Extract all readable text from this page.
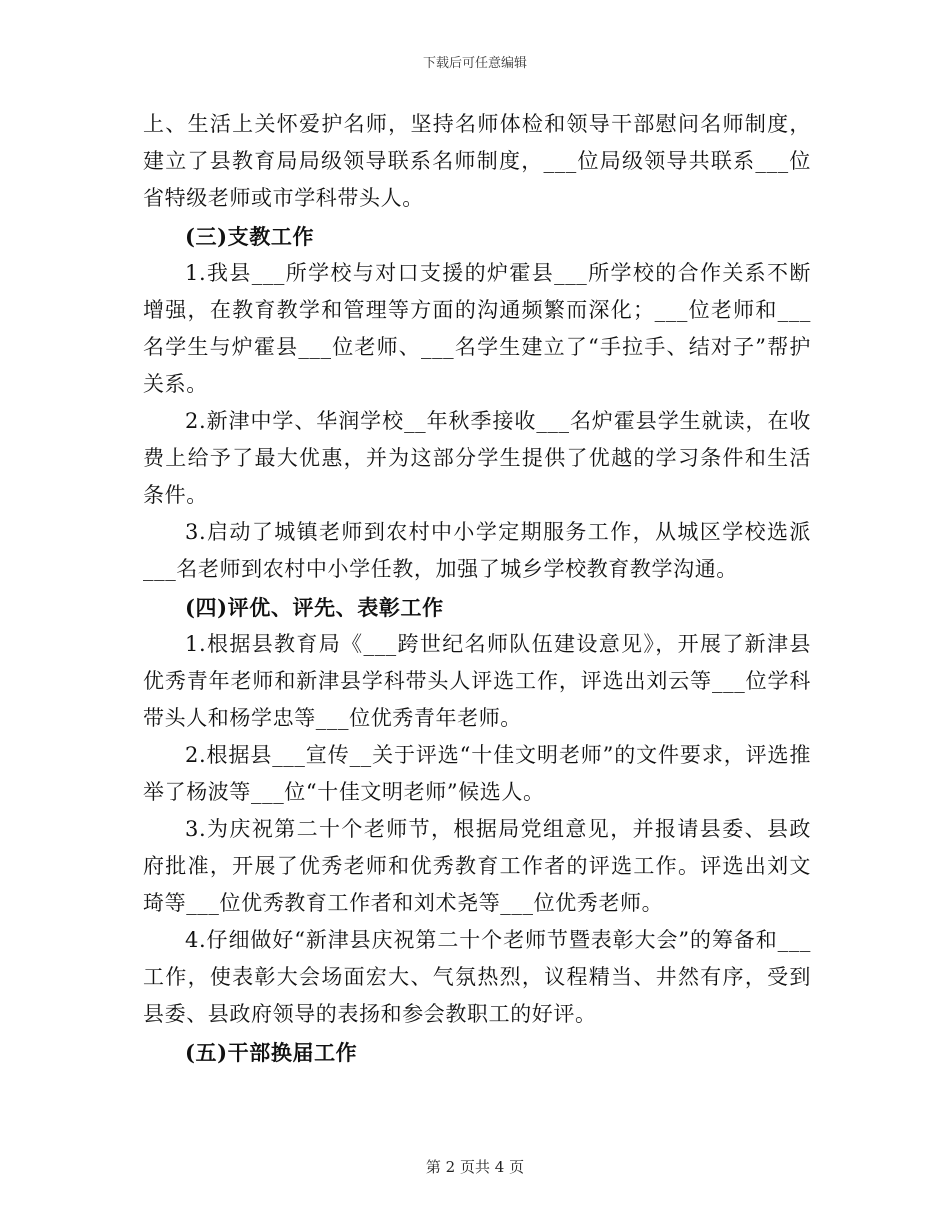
下载后可任意编辑

上、生活上关怀爱护名师，坚持名师体检和领导干部慰问名师制度，建立了县教育局局级领导联系名师制度，___位局级领导共联系___位省特级老师或市学科带头人。

(三)支教工作

1.我县___所学校与对口支援的炉霍县___所学校的合作关系不断增强，在教育教学和管理等方面的沟通频繁而深化；___位老师和___名学生与炉霍县___位老师、___名学生建立了“手拉手、结对子”帮护关系。

2.新津中学、华润学校__年秋季接收___名炉霍县学生就读，在收费上给予了最大优惠，并为这部分学生提供了优越的学习条件和生活条件。

3.启动了城镇老师到农村中小学定期服务工作，从城区学校选派___名老师到农村中小学任教，加强了城乡学校教育教学沟通。

(四)评优、评先、表彰工作

1.根据县教育局《___跨世纪名师队伍建设意见》，开展了新津县优秀青年老师和新津县学科带头人评选工作，评选出刘云等___位学科带头人和杨学忠等___位优秀青年老师。

2.根据县___宣传__关于评选“十佳文明老师”的文件要求，评选推举了杨波等___位“十佳文明老师”候选人。

3.为庆祝第二十个老师节，根据局党组意见，并报请县委、县政府批准，开展了优秀老师和优秀教育工作者的评选工作。评选出刘文琦等___位优秀教育工作者和刘术尧等___位优秀老师。

4.仔细做好“新津县庆祝第二十个老师节暨表彰大会”的筹备和___工作，使表彰大会场面宏大、气氛热烈，议程精当、井然有序，受到县委、县政府领导的表扬和参会教职工的好评。

(五)干部换届工作

第 2 页共 4 页
